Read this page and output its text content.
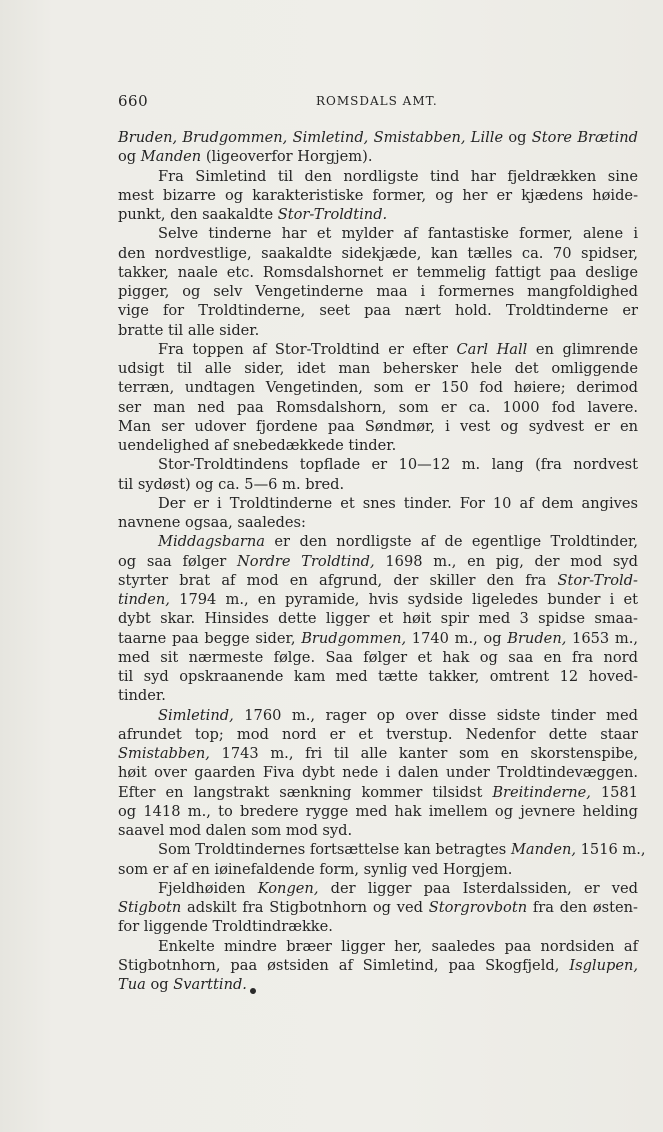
660	ROMSDALS AMT.
Bruden, Brudgommen, Simletind, Smistabben, Lille og Store Brætind
og Manden (ligeoverfor Horgjem).
Fra Simletind til den nordligste tind har fjeldrækken sine
mest bizarre og karakteristiske former, og her er kjædens høide-
punkt, den saakaldte Stor-Troldtind.
Selve tinderne har et mylder af fantastiske former, alene i
den nordvestlige, saakaldte sidekjæde, kan tælles ca. 70 spidser,
takker, naale etc. Romsdalshornet er temmelig fattigt paa deslige
pigger, og selv Vengetinderne maa i formernes mangfoldighed
vige for Troldtinderne, seet paa nært hold. Troldtinderne er
bratte til alle sider.
Fra toppen af Stor-Troldtind er efter Carl Hall en glimrende
udsigt til alle sider, idet man behersker hele det omliggende
terræn, undtagen Vengetinden, som er 150 fod høiere; derimod
ser man ned paa Romsdalshorn, som er ca. 1000 fod lavere.
Man ser udover fjordene paa Søndmør, i vest og sydvest er en
uendelighed af snebedækkede tinder.
Stor-Troldtindens topflade er 10—12 m. lang (fra nordvest
til sydøst) og ca. 5—6 m. bred.
Der er i Troldtinderne et snes tinder. For 10 af dem angives
navnene ogsaa, saaledes:
Middagsbarna er den nordligste af de egentlige Troldtinder,
og saa følger Nordre Troldtind, 1698 m., en pig, der mod syd
styrter brat af mod en afgrund, der skiller den fra Stor-Trold-
tinden, 1794 m., en pyramide, hvis sydside ligeledes bunder i et
dybt skar. Hinsides dette ligger et høit spir med 3 spidse smaa-
taarne paa begge sider, Brudgommen, 1740 m., og Bruden, 1653 m.,
med sit nærmeste følge. Saa følger et hak og saa en fra nord
til syd opskraanende kam med tætte takker, omtrent 12 hoved-
tinder.
Simletind, 1760 m., rager op over disse sidste tinder med
afrundet top; mod nord er et tverstup. Nedenfor dette staar
Smistabben, 1743 m., fri til alle kanter som en skorstenspibe,
høit over gaarden Fiva dybt nede i dalen under Troldtindevæggen.
Efter en langstrakt sænkning kommer tilsidst Breitinderne, 1581
og 1418 m., to bredere rygge med hak imellem og jevnere helding
saavel mod dalen som mod syd.
Som Troldtindernes fortsættelse kan betragtes Manden, 1516 m.,
som er af en iøinefaldende form, synlig ved Horgjem.
Fjeldhøiden Kongen, der ligger paa Isterdalssiden, er ved
Stigbotn adskilt fra Stigbotnhorn og ved Storgrovbotn fra den østen-
for liggende Troldtindrække.
Enkelte mindre bræer ligger her, saaledes paa nordsiden af
Stigbotnhorn, paa østsiden af Simletind, paa Skogfjeld, Isglupen,
Tua og Svarttind.
